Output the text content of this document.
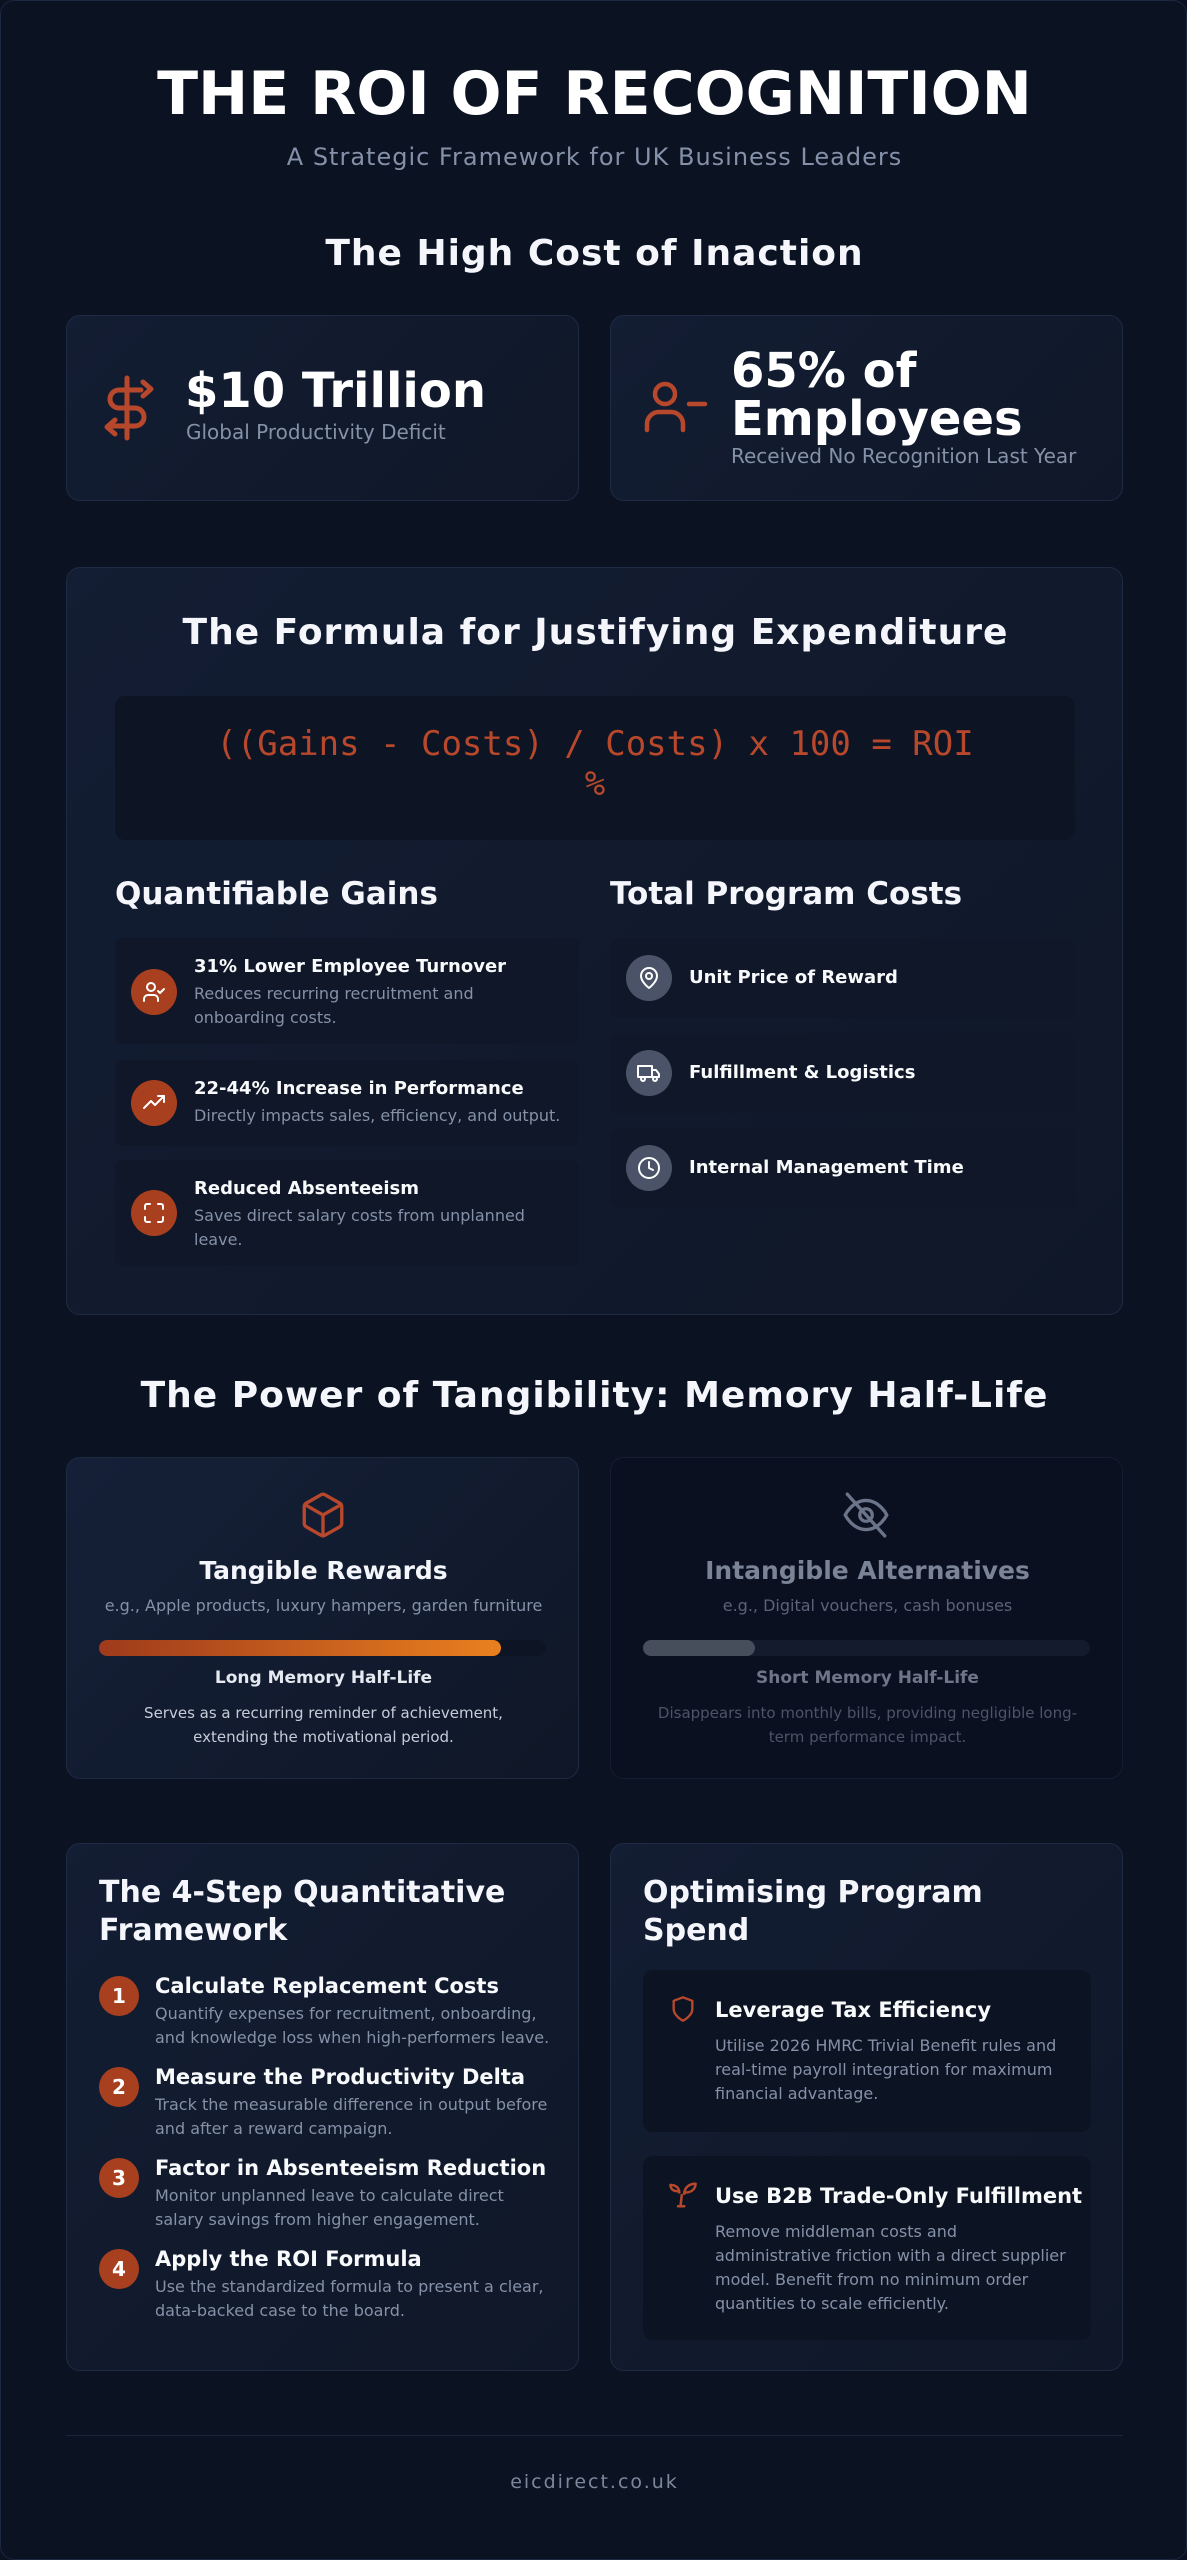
THE ROI OF RECOGNITION
A Strategic Framework for UK Business Leaders
The High Cost of Inaction
$10 Trillion
Global Productivity Deficit
65% of
Employees
Received No Recognition Last Year
The Formula for Justifying Expenditure
((Gains - Costs) / Costs) x 100 = ROI
%
Quantifiable Gains
31% Lower Employee Turnover
Reduces recurring recruitment and
onboarding costs.
22-44% Increase in Performance
Directly impacts sales, efficiency, and output.
Reduced Absenteeism
Saves direct salary costs from unplanned
leave.
Total Program Costs
Unit Price of Reward
Fulfillment & Logistics
Internal Management Time
The Power of Tangibility: Memory Half-Life
Tangible Rewards
e.g., Apple products, luxury hampers, garden furniture
Long Memory Half-Life
Serves as a recurring reminder of achievement,
extending the motivational period.
Intangible Alternatives
e.g., Digital vouchers, cash bonuses
Short Memory Half-Life
Disappears into monthly bills, providing negligible long-
term performance impact.
The 4-Step Quantitative
Framework
1	Calculate Replacement Costs
Quantify expenses for recruitment, onboarding,
and knowledge loss when high-performers leave.
2	Measure the Productivity Delta
Track the measurable difference in output before
and after a reward campaign.
3	Factor in Absenteeism Reduction
Monitor unplanned leave to calculate direct
salary savings from higher engagement.
4	Apply the ROI Formula
Use the standardized formula to present a clear,
data-backed case to the board.
Optimising Program
Spend
Leverage Tax Efficiency
Utilise 2026 HMRC Trivial Benefit rules and
real-time payroll integration for maximum
financial advantage.
Use B2B Trade-Only Fulfillment
Remove middleman costs and
administrative friction with a direct supplier
model. Benefit from no minimum order
quantities to scale efficiently.
eicdirect.co.uk
